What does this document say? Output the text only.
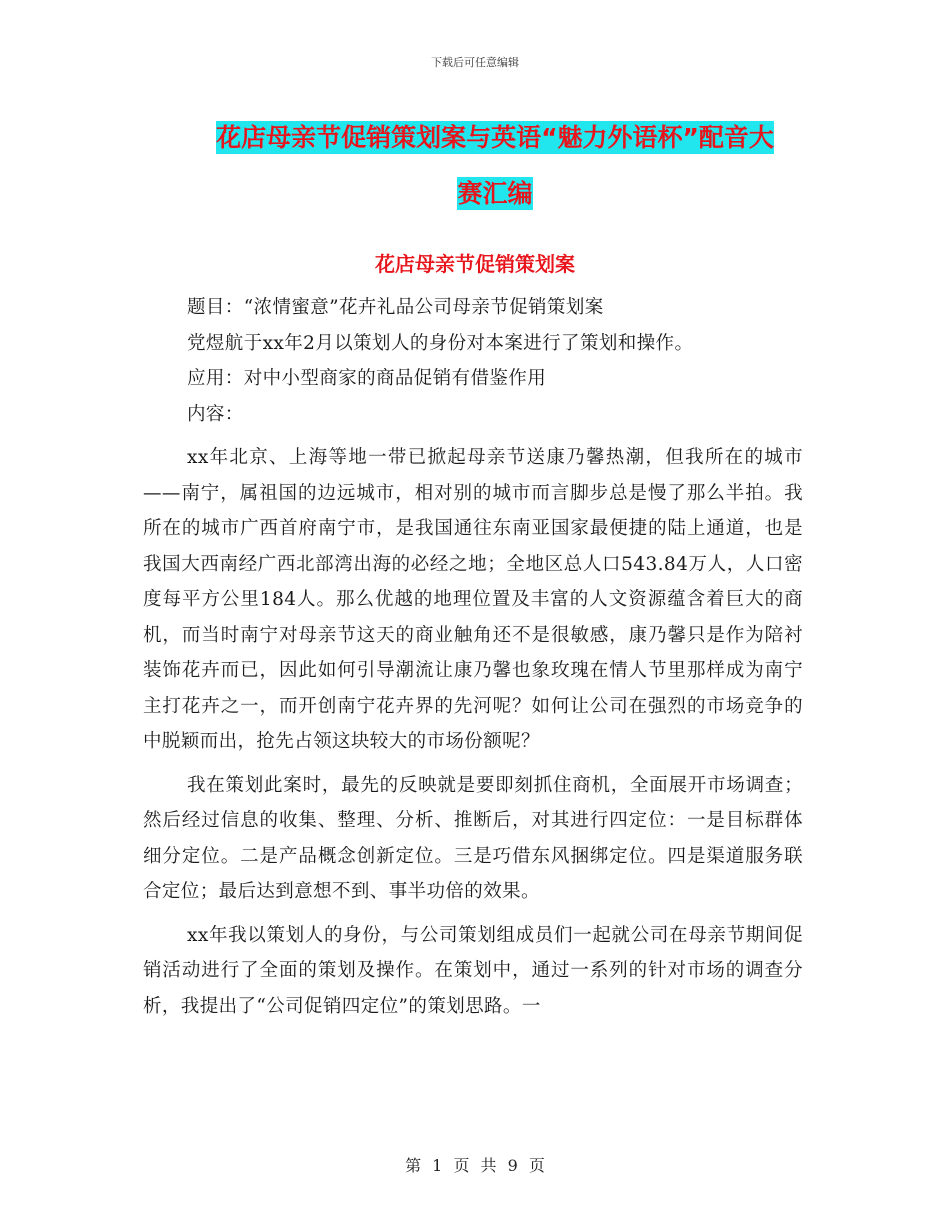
下载后可任意编辑
花店母亲节促销策划案与英语“魅力外语杯”配音大
赛汇编
花店母亲节促销策划案

题目：“浓情蜜意”花卉礼品公司母亲节促销策划案

党煜航于xx年2月以策划人的身份对本案进行了策划和操作。

应用：对中小型商家的商品促销有借鉴作用

内容：

xx年北京、上海等地一带已掀起母亲节送康乃馨热潮，但我所在的城市——南宁，属祖国的边远城市，相对别的城市而言脚步总是慢了那么半拍。我所在的城市广西首府南宁市，是我国通往东南亚国家最便捷的陆上通道，也是我国大西南经广西北部湾出海的必经之地；全地区总人口543.84万人，人口密度每平方公里184人。那么优越的地理位置及丰富的人文资源蕴含着巨大的商机，而当时南宁对母亲节这天的商业触角还不是很敏感，康乃馨只是作为陪衬装饰花卉而已，因此如何引导潮流让康乃馨也象玫瑰在情人节里那样成为南宁主打花卉之一，而开创南宁花卉界的先河呢？如何让公司在强烈的市场竞争的中脱颖而出，抢先占领这块较大的市场份额呢？

我在策划此案时，最先的反映就是要即刻抓住商机，全面展开市场调查；然后经过信息的收集、整理、分析、推断后，对其进行四定位：一是目标群体细分定位。二是产品概念创新定位。三是巧借东风捆绑定位。四是渠道服务联合定位；最后达到意想不到、事半功倍的效果。

xx年我以策划人的身份，与公司策划组成员们一起就公司在母亲节期间促销活动进行了全面的策划及操作。在策划中，通过一系列的针对市场的调查分析，我提出了“公司促销四定位”的策划思路。一

第 1 页 共 9 页
